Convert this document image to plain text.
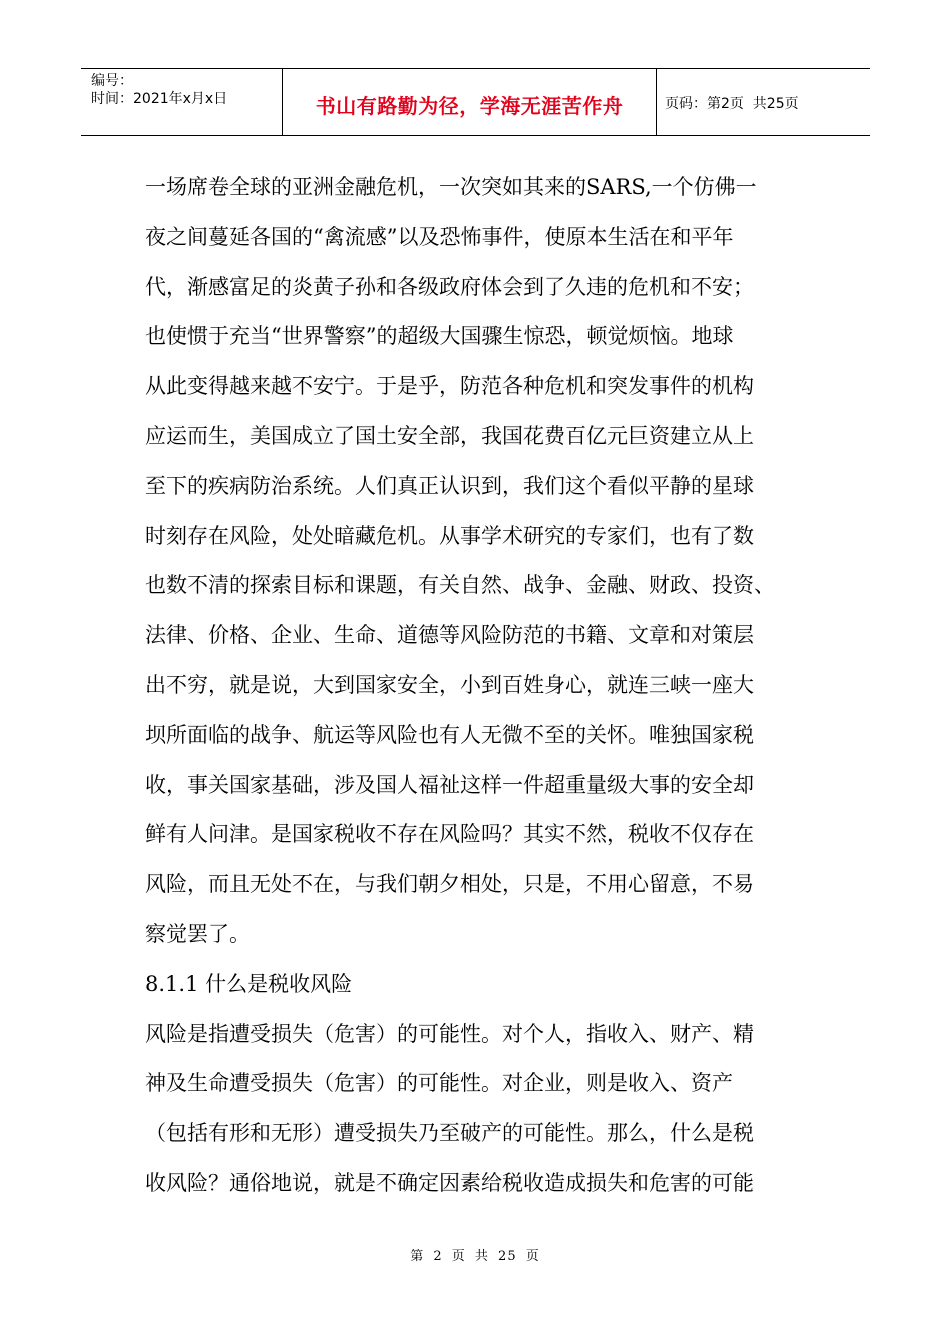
编号：
时间：2021年x月x日	书山有路勤为径，学海无涯苦作舟	页码：第2页  共25页

一场席卷全球的亚洲金融危机，一次突如其来的SARS,一个仿佛一

夜之间蔓延各国的“禽流感”以及恐怖事件，使原本生活在和平年

代，渐感富足的炎黄子孙和各级政府体会到了久违的危机和不安；

也使惯于充当“世界警察”的超级大国骤生惊恐，顿觉烦恼。地球

从此变得越来越不安宁。于是乎，防范各种危机和突发事件的机构

应运而生，美国成立了国土安全部，我国花费百亿元巨资建立从上

至下的疾病防治系统。人们真正认识到，我们这个看似平静的星球

时刻存在风险，处处暗藏危机。从事学术研究的专家们，也有了数

也数不清的探索目标和课题，有关自然、战争、金融、财政、投资、

法律、价格、企业、生命、道德等风险防范的书籍、文章和对策层

出不穷，就是说，大到国家安全，小到百姓身心，就连三峡一座大

坝所面临的战争、航运等风险也有人无微不至的关怀。唯独国家税

收，事关国家基础，涉及国人福祉这样一件超重量级大事的安全却

鲜有人问津。是国家税收不存在风险吗？其实不然，税收不仅存在

风险，而且无处不在，与我们朝夕相处，只是，不用心留意，不易

察觉罢了。

8.1.1 什么是税收风险

风险是指遭受损失（危害）的可能性。对个人，指收入、财产、精

神及生命遭受损失（危害）的可能性。对企业，则是收入、资产

（包括有形和无形）遭受损失乃至破产的可能性。那么，什么是税

收风险？通俗地说，就是不确定因素给税收造成损失和危害的可能

第 2 页 共 25 页
